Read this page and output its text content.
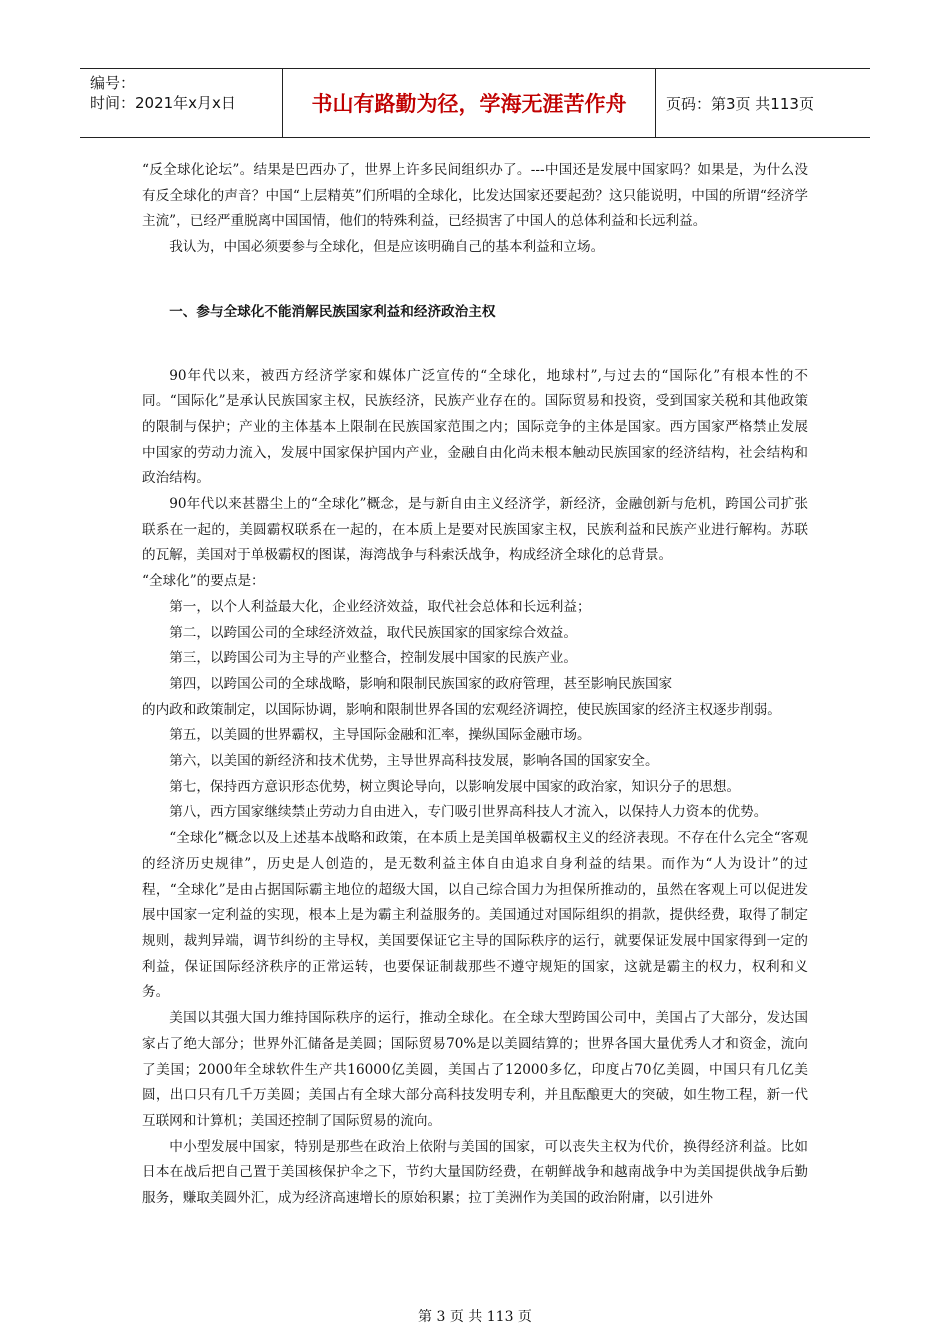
编号：
时间：2021年x月x日	书山有路勤为径，学海无涯苦作舟	页码：第3页 共113页

“反全球化论坛”。结果是巴西办了，世界上许多民间组织办了。---中国还是发展中国家吗？如果是，为什么没有反全球化的声音？中国“上层精英”们所唱的全球化，比发达国家还要起劲？这只能说明，中国的所谓“经济学主流”，已经严重脱离中国国情，他们的特殊利益，已经损害了中国人的总体利益和长远利益。

我认为，中国必须要参与全球化，但是应该明确自己的基本利益和立场。

一、参与全球化不能消解民族国家利益和经济政治主权

90年代以来，被西方经济学家和媒体广泛宣传的“全球化，地球村”,与过去的“国际化”有根本性的不同。“国际化”是承认民族国家主权，民族经济，民族产业存在的。国际贸易和投资，受到国家关税和其他政策的限制与保护；产业的主体基本上限制在民族国家范围之内；国际竞争的主体是国家。西方国家严格禁止发展中国家的劳动力流入，发展中国家保护国内产业，金融自由化尚未根本触动民族国家的经济结构，社会结构和政治结构。

90年代以来甚嚣尘上的“全球化”概念，是与新自由主义经济学，新经济，金融创新与危机，跨国公司扩张联系在一起的，美圆霸权联系在一起的，在本质上是要对民族国家主权，民族利益和民族产业进行解构。苏联的瓦解，美国对于单极霸权的图谋，海湾战争与科索沃战争，构成经济全球化的总背景。

“全球化”的要点是：

第一，以个人利益最大化，企业经济效益，取代社会总体和长远利益；

第二，以跨国公司的全球经济效益，取代民族国家的国家综合效益。

第三，以跨国公司为主导的产业整合，控制发展中国家的民族产业。

第四，以跨国公司的全球战略，影响和限制民族国家的政府管理，甚至影响民族国家

的内政和政策制定，以国际协调，影响和限制世界各国的宏观经济调控，使民族国家的经济主权逐步削弱。

第五，以美圆的世界霸权，主导国际金融和汇率，操纵国际金融市场。

第六，以美国的新经济和技术优势，主导世界高科技发展，影响各国的国家安全。

第七，保持西方意识形态优势，树立舆论导向，以影响发展中国家的政治家，知识分子的思想。

第八，西方国家继续禁止劳动力自由进入，专门吸引世界高科技人才流入，以保持人力资本的优势。

“全球化”概念以及上述基本战略和政策，在本质上是美国单极霸权主义的经济表现。不存在什么完全“客观的经济历史规律”，历史是人创造的，是无数利益主体自由追求自身利益的结果。而作为“人为设计”的过程，“全球化”是由占据国际霸主地位的超级大国，以自己综合国力为担保所推动的，虽然在客观上可以促进发展中国家一定利益的实现，根本上是为霸主利益服务的。美国通过对国际组织的捐款，提供经费，取得了制定规则，裁判异端，调节纠纷的主导权，美国要保证它主导的国际秩序的运行，就要保证发展中国家得到一定的利益，保证国际经济秩序的正常运转，也要保证制裁那些不遵守规矩的国家，这就是霸主的权力，权利和义务。

美国以其强大国力维持国际秩序的运行，推动全球化。在全球大型跨国公司中，美国占了大部分，发达国家占了绝大部分；世界外汇储备是美圆；国际贸易70%是以美圆结算的；世界各国大量优秀人才和资金，流向了美国；2000年全球软件生产共16000亿美圆，美国占了12000多亿，印度占70亿美圆，中国只有几亿美圆，出口只有几千万美圆；美国占有全球大部分高科技发明专利，并且酝酿更大的突破，如生物工程，新一代互联网和计算机；美国还控制了国际贸易的流向。

中小型发展中国家，特别是那些在政治上依附与美国的国家，可以丧失主权为代价，换得经济利益。比如日本在战后把自己置于美国核保护伞之下，节约大量国防经费，在朝鲜战争和越南战争中为美国提供战争后勤服务，赚取美圆外汇，成为经济高速增长的原始积累；拉丁美洲作为美国的政治附庸，以引进外

第 3 页 共 113 页
